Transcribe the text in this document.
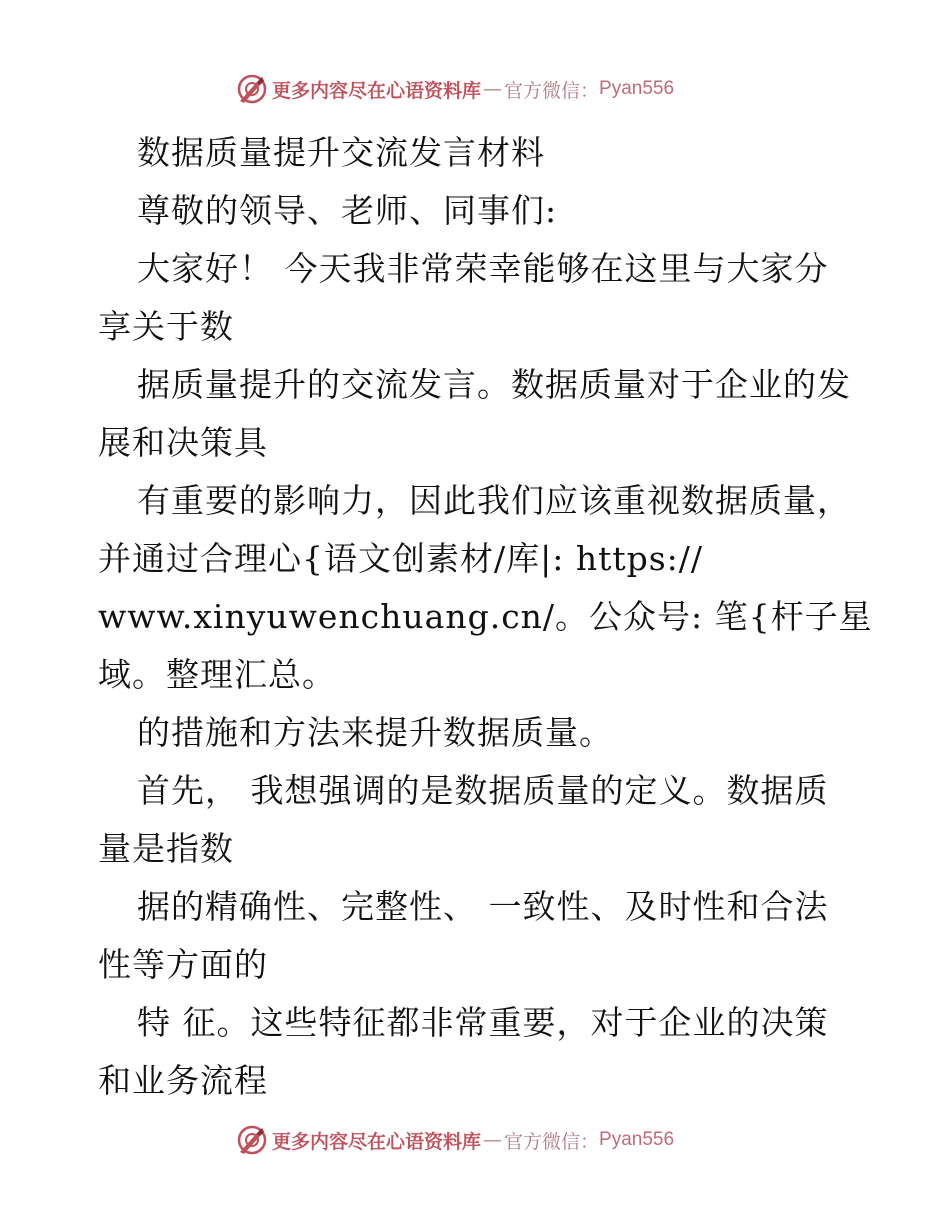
更多内容尽在心语资料库 — 官方微信： Pyan556
数据质量提升交流发言材料
尊敬的领导、老师、同事们:
大家好！ 今天我非常荣幸能够在这里与大家分
享关于数
据质量提升的交流发言。数据质量对于企业的发
展和决策具
有重要的影响力，因此我们应该重视数据质量，
并通过合理心{语文创素材/库|: https://
www.xinyuwenchuang.cn/。公众号: 笔{杆子星
域。整理汇总。
的措施和方法来提升数据质量。
首先， 我想强调的是数据质量的定义。数据质
量是指数
据的精确性、完整性、 一致性、及时性和合法
性等方面的
特 征。这些特征都非常重要，对于企业的决策
和业务流程
更多内容尽在心语资料库 — 官方微信： Pyan556
